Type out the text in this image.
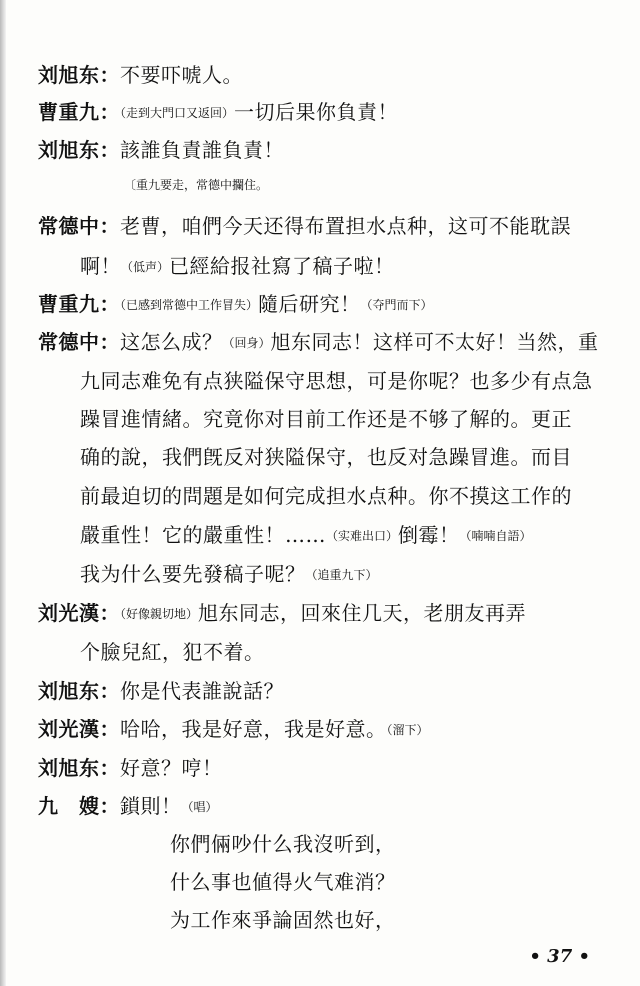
刘旭东：不要吓唬人。
曹重九：（走到大門口又返回）一切后果你負責！
刘旭东：該誰負責誰負責！
〔重九要走，常德中攔住。
常德中：老曹，咱們今天还得布置担水点种，这可不能耽誤
啊！（低声）已經給报社寫了稿子啦！
曹重九：（已感到常德中工作冒失）隨后研究！（夺門而下）
常德中：这怎么成？（回身）旭东同志！这样可不太好！当然，重
九同志难免有点狭隘保守思想，可是你呢？也多少有点急
躁冒進情緒。究竟你对目前工作还是不够了解的。更正
确的說，我們旣反对狭隘保守，也反对急躁冒進。而目
前最迫切的問題是如何完成担水点种。你不摸这工作的
嚴重性！它的嚴重性！……（实难出口）倒霉！（喃喃自語）
我为什么要先發稿子呢？（追重九下）
刘光漢：（好像親切地）旭东同志，回來住几天，老朋友再弄
个臉兒紅，犯不着。
刘旭东：你是代表誰說話？
刘光漢：哈哈，我是好意，我是好意。（溜下）
刘旭东：好意？哼！
九　嫂：鎖則！（唱）
你們倆吵什么我沒听到，
什么事也値得火气难消？
为工作來爭論固然也好，
• 37 •
